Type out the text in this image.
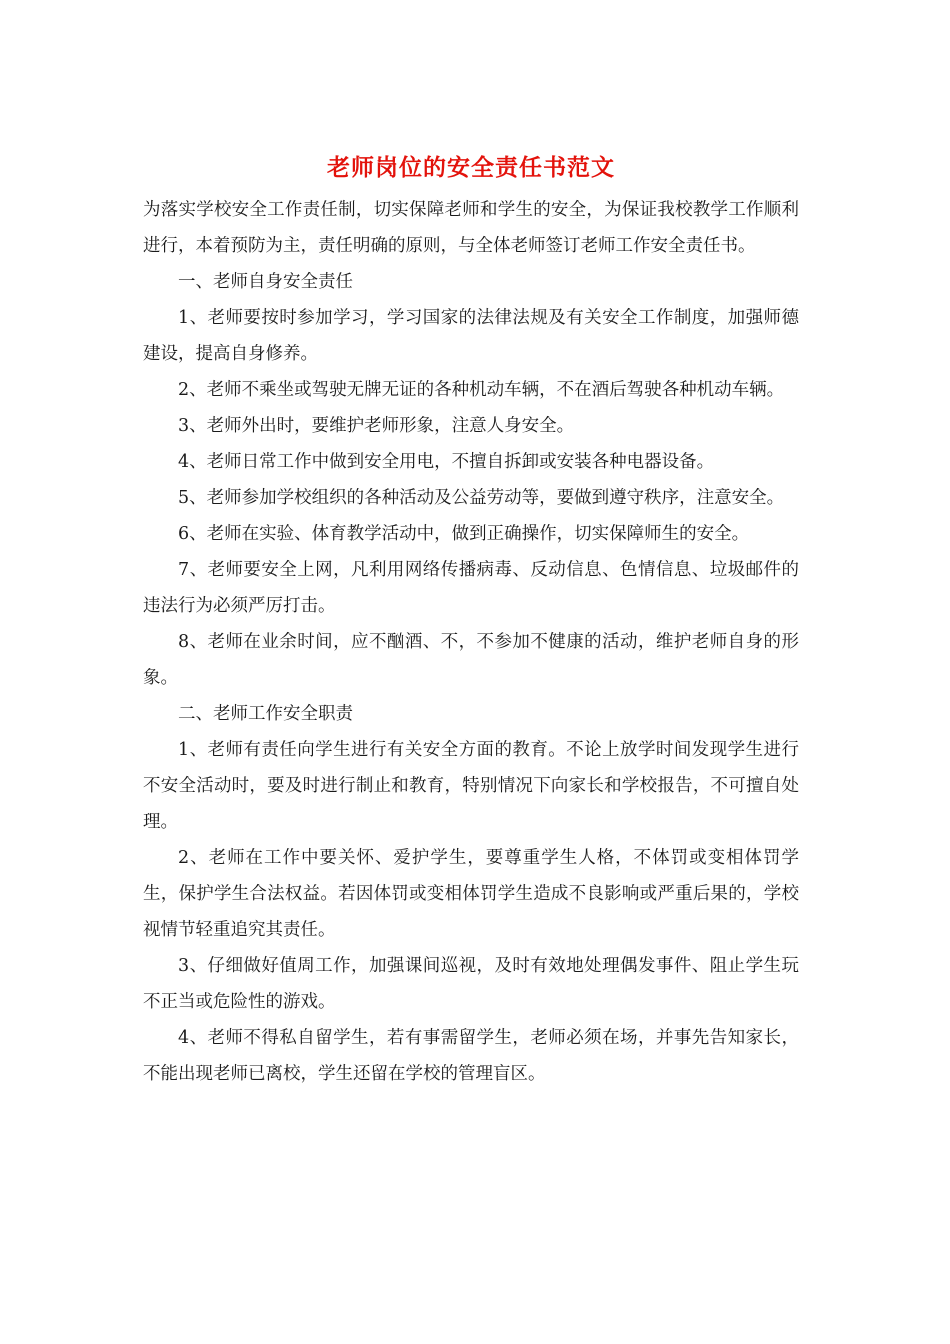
老师岗位的安全责任书范文

为落实学校安全工作责任制，切实保障老师和学生的安全，为保证我校教学工作顺利进行，本着预防为主，责任明确的原则，与全体老师签订老师工作安全责任书。

一、老师自身安全责任

1、老师要按时参加学习，学习国家的法律法规及有关安全工作制度，加强师德建设，提高自身修养。

2、老师不乘坐或驾驶无牌无证的各种机动车辆，不在酒后驾驶各种机动车辆。

3、老师外出时，要维护老师形象，注意人身安全。

4、老师日常工作中做到安全用电，不擅自拆卸或安装各种电器设备。

5、老师参加学校组织的各种活动及公益劳动等，要做到遵守秩序，注意安全。

6、老师在实验、体育教学活动中，做到正确操作，切实保障师生的安全。

7、老师要安全上网，凡利用网络传播病毒、反动信息、色情信息、垃圾邮件的违法行为必须严厉打击。

8、老师在业余时间，应不酗酒、不，不参加不健康的活动，维护老师自身的形象。

二、老师工作安全职责

1、老师有责任向学生进行有关安全方面的教育。不论上放学时间发现学生进行不安全活动时，要及时进行制止和教育，特别情况下向家长和学校报告，不可擅自处理。

2、老师在工作中要关怀、爱护学生，要尊重学生人格，不体罚或变相体罚学生，保护学生合法权益。若因体罚或变相体罚学生造成不良影响或严重后果的，学校视情节轻重追究其责任。

3、仔细做好值周工作，加强课间巡视，及时有效地处理偶发事件、阻止学生玩不正当或危险性的游戏。

4、老师不得私自留学生，若有事需留学生，老师必须在场，并事先告知家长，不能出现老师已离校，学生还留在学校的管理盲区。
